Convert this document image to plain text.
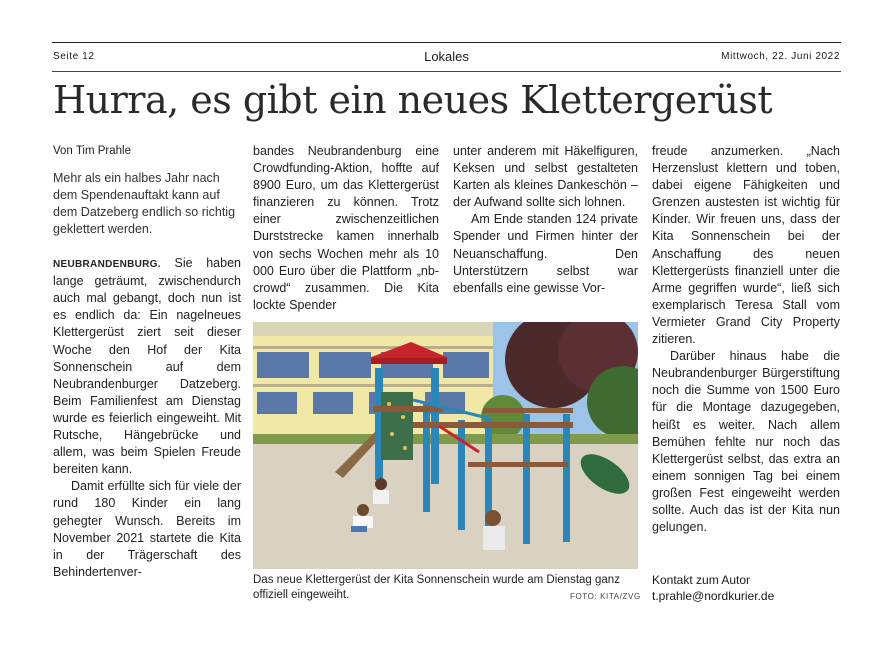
Seite 12	Lokales	Mittwoch, 22. Juni 2022
Hurra, es gibt ein neues Klettergerüst

Von Tim Prahle

Mehr als ein halbes Jahr nach dem Spendenauftakt kann auf dem Datzeberg endlich so richtig geklettert werden.

NEUBRANDENBURG. Sie haben lange geträumt, zwischendurch auch mal gebangt, doch nun ist es endlich da: Ein nagelneues Klettergerüst ziert seit dieser Woche den Hof der Kita Sonnenschein auf dem Neubrandenburger Datzeberg. Beim Familienfest am Dienstag wurde es feierlich eingeweiht. Mit Rutsche, Hängebrücke und allem, was beim Spielen Freude bereiten kann.

Damit erfüllte sich für viele der rund 180 Kinder ein lang gehegter Wunsch. Bereits im November 2021 startete die Kita in der Trägerschaft des Behindertenver-

bandes Neubrandenburg eine Crowdfunding-Aktion, hoffte auf 8900 Euro, um das Klettergerüst finanzieren zu können. Trotz einer zwischenzeitlichen Durststrecke kamen innerhalb von sechs Wochen mehr als 10 000 Euro über die Plattform „nb-crowd“ zusammen. Die Kita lockte Spender

unter anderem mit Häkelfiguren, Keksen und selbst gestalteten Karten als kleines Dankeschön – der Aufwand sollte sich lohnen.

Am Ende standen 124 private Spender und Firmen hinter der Neuanschaffung. Den Unterstützern selbst war ebenfalls eine gewisse Vor-

freude anzumerken. „Nach Herzenslust klettern und toben, dabei eigene Fähigkeiten und Grenzen austesten ist wichtig für Kinder. Wir freuen uns, dass der Kita Sonnenschein bei der Anschaffung des neuen Klettergerüsts finanziell unter die Arme gegriffen wurde“, ließ sich exemplarisch Teresa Stall vom Vermieter Grand City Property zitieren.

Darüber hinaus habe die Neubrandenburger Bürgerstiftung noch die Summe von 1500 Euro für die Montage dazugegeben, heißt es weiter. Nach allem Bemühen fehlte nur noch das Klettergerüst selbst, das extra an einem sonnigen Tag bei einem großen Fest eingeweiht werden sollte. Auch das ist der Kita nun gelungen.

Das neue Klettergerüst der Kita Sonnenschein wurde am Dienstag ganz offiziell eingeweiht.	FOTO: KITA/ZVG
Kontakt zum Autor
t.prahle@nordkurier.de
